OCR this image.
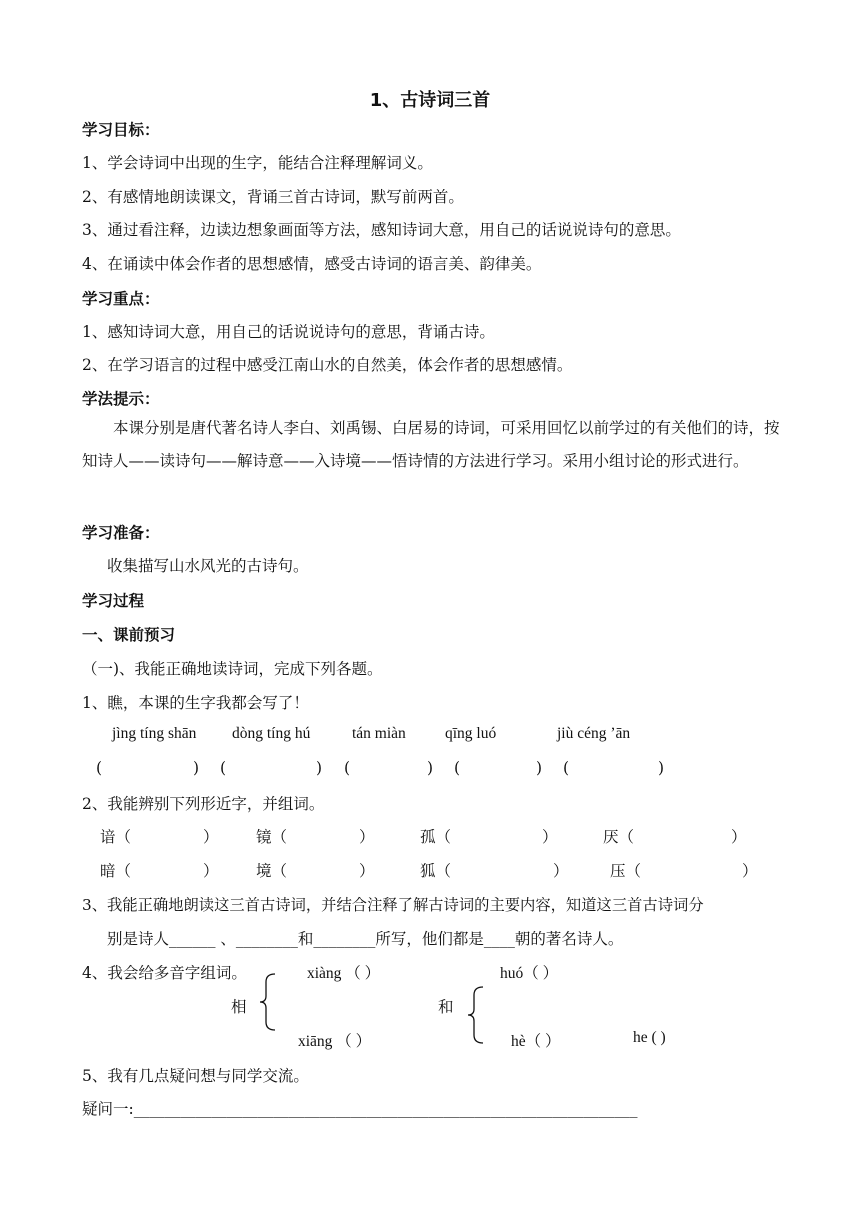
1、古诗词三首
学习目标：
1、学会诗词中出现的生字，能结合注释理解词义。
2、有感情地朗读课文，背诵三首古诗词，默写前两首。
3、通过看注释，边读边想象画面等方法，感知诗词大意，用自己的话说说诗句的意思。
4、在诵读中体会作者的思想感情，感受古诗词的语言美、韵律美。
学习重点：
1、感知诗词大意，用自己的话说说诗句的意思，背诵古诗。
2、在学习语言的过程中感受江南山水的自然美，体会作者的思想感情。
学法提示：
本课分别是唐代著名诗人李白、刘禹锡、白居易的诗词，可采用回忆以前学过的有关他们的诗，按知诗人——读诗句——解诗意——入诗境——悟诗情的方法进行学习。采用小组讨论的形式进行。
学习准备：
收集描写山水风光的古诗句。
学习过程
一、课前预习
（一)、我能正确地读诗词，完成下列各题。
1、瞧，本课的生字我都会写了！
jìng tíng shān dòng tíng hú	tán miàn	qīng luó	jiù céng ʼān
(	) (	) (	) (	) (	)
2、我能辨别下列形近字，并组词。
谙（	） 镜（	）	孤（	）	厌（	）
暗（	） 境（	）	狐（	）	压（	）
3、我能正确地朗读这三首古诗词，并结合注释了解古诗词的主要内容，知道这三首古诗词分
别是诗人______ 、________和________所写，他们都是____朝的著名诗人。
4、我会给多音字组词。	xiàng （ ）	huó（ ）
相	和
xiāng （ ）	hè（ ）	he ( )
5、我有几点疑问想与同学交流。
疑问一:_________________________________________________________________
